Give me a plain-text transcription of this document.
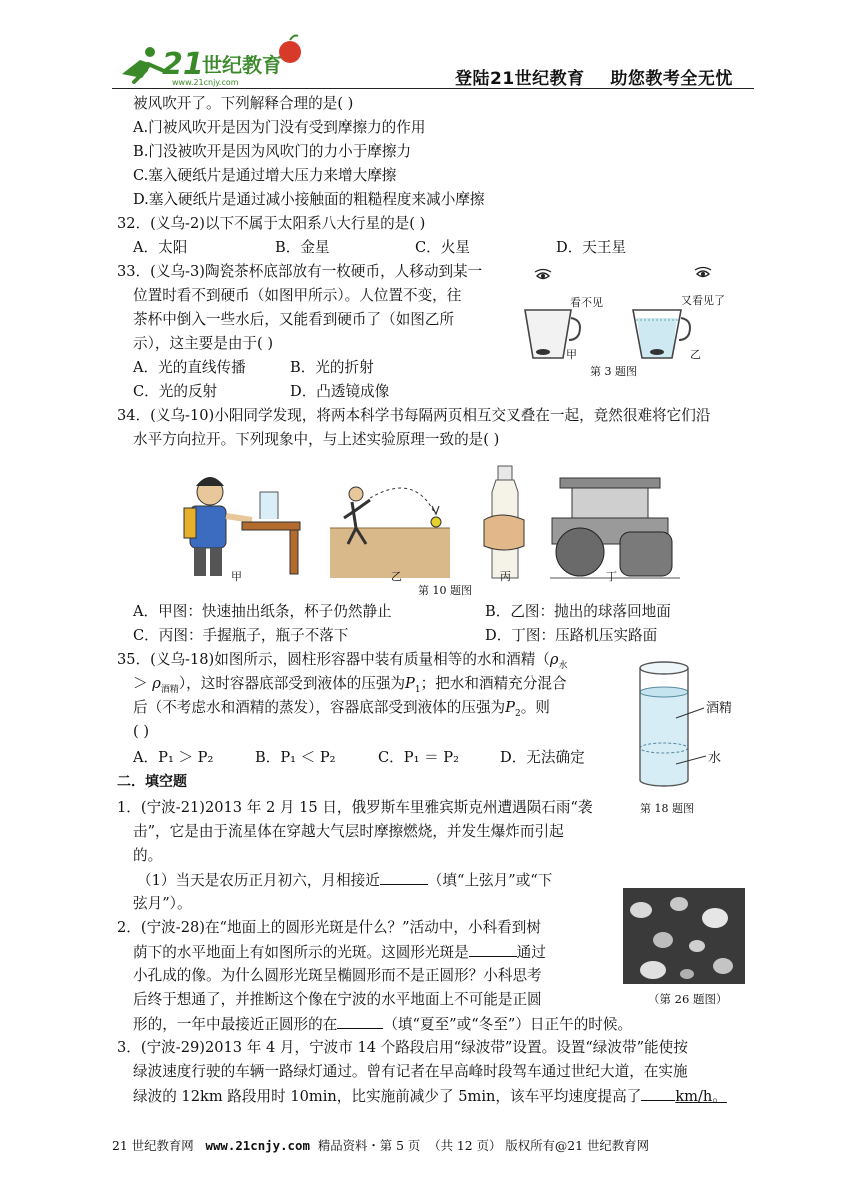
21
世纪教育
www.21cnjy.com	登陆21世纪教育    助您教考全无忧
被风吹开了。下列解释合理的是( )
A.门被风吹开是因为门没有受到摩擦力的作用
B.门没被吹开是因为风吹门的力小于摩擦力
C.塞入硬纸片是通过增大压力来增大摩擦
D.塞入硬纸片是通过减小接触面的粗糙程度来减小摩擦
32．(义乌-2)以下不属于太阳系八大行星的是( )
A．太阳	B．金星	C．火星	D．天王星
33．(义乌-3)陶瓷茶杯底部放有一枚硬币，人移动到某一
位置时看不到硬币（如图甲所示）。人位置不变，往
茶杯中倒入一些水后，又能看到硬币了（如图乙所
示），这主要是由于( )
A．光的直线传播	B．光的折射
C．光的反射	D．凸透镜成像
看不见	又看见了
甲	乙
第 3 题图
34．(义乌-10)小阳同学发现，将两本科学书每隔两页相互交叉叠在一起，竟然很难将它们沿
水平方向拉开。下列现象中，与上述实验原理一致的是( )
甲	乙	丙	丁
第 10 题图
A．甲图：快速抽出纸条，杯子仍然静止	B．乙图：抛出的球落回地面
C．丙图：手握瓶子，瓶子不落下	D．丁图：压路机压实路面
35．(义乌-18)如图所示，圆柱形容器中装有质量相等的水和酒精（$\rho_水$
＞ $\rho_{酒精}$），这时容器底部受到液体的压强为$P_1$；把水和酒精充分混合
后（不考虑水和酒精的蒸发），容器底部受到液体的压强为$P_2$。则
( )
A．P₁ ＞ P₂	B．P₁ ＜ P₂	C．P₁ ＝ P₂	D．无法确定
酒精
水
第 18 题图
二．填空题
1．(宁波-21)2013 年 2 月 15 日，俄罗斯车里雅宾斯克州遭遇陨石雨“袭
击”，它是由于流星体在穿越大气层时摩擦燃烧，并发生爆炸而引起
的。
（1）当天是农历正月初六，月相接近	（填“上弦月”或“下
弦月”）。
2．(宁波-28)在“地面上的圆形光斑是什么？”活动中，小科看到树
荫下的水平地面上有如图所示的光斑。这圆形光斑是	通过
小孔成的像。为什么圆形光斑呈椭圆形而不是正圆形？小科思考
后终于想通了，并推断这个像在宁波的水平地面上不可能是正圆
形的，一年中最接近正圆形的在	（填“夏至”或“冬至”）日正午的时候。
（第 26 题图）
3．(宁波-29)2013 年 4 月，宁波市 14 个路段启用“绿波带”设置。设置“绿波带”能使按
绿波速度行驶的车辆一路绿灯通过。曾有记者在早高峰时段驾车通过世纪大道，在实施
绿波的 12km 路段用时 10min，比实施前减少了 5min，该车平均速度提高了 km/h。
21 世纪教育网 www.21cnjy.com 精品资料・第 5 页  （共 12 页） 版权所有@21 世纪教育网
